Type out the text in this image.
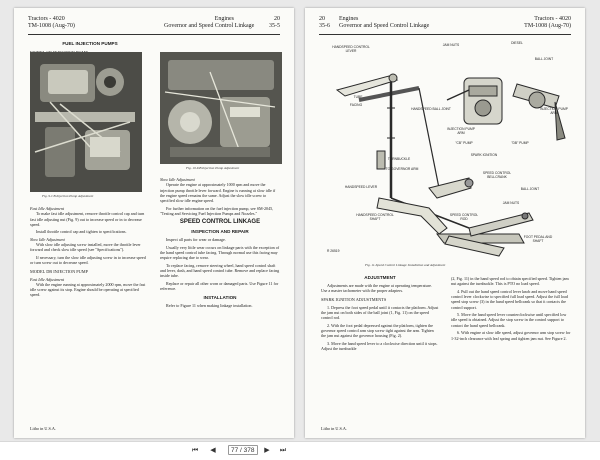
Tractors - 4020
TM-1008 (Aug-70)
Engines
Governor and Speed Control Linkage
20
35-5
FUEL INJECTION PUMPS
Fig. 9-CB Injection Pump Adjustment
Fig. 10-DB Injection Pump Adjustment
Fast Idle Adjustment

To make fast idle adjustment, remove throttle control cap and turn fast idle adjusting nut (Fig. 9) out to increase speed or in to decrease speed.

Install throttle control cap and tighten to specifications.

Slow Idle Adjustment

With slow idle adjusting screw installed, move the throttle lever forward and check slow idle speed (see "Specifications").

If necessary, turn the slow idle adjusting screw in to increase speed or turn screw out to decrease speed.

MODEL DB INJECTION PUMP
Fast Idle Adjustment

With the engine running at approximately 2000 rpm, move the fast idle screw against its stop. Engine should be operating at specified speed.

Slow Idle Adjustment

Operate the engine at approximately 1000 rpm and move the injection pump throttle lever forward. Engine is running at slow idle if the engine speed remains the same. Adjust the slow idle screw to specified slow idle engine speed.

For further information on the fuel injection pump, see SM-2045, "Testing and Servicing Fuel Injection Pumps and Nozzles."

SPEED CONTROL LINKAGE
INSPECTION AND REPAIR

Inspect all parts for wear or damage.

Usually very little wear occurs on linkage parts with the exception of the hand speed control tube facing. Through normal use this facing may require replacing due to wear.

To replace facing, remove steering wheel, hand speed control shaft and lever, dash, and hand speed control tube. Remove and replace facing inside tube.

Replace or repair all other worn or damaged parts. Use Figure 11 for reference.

INSTALLATION

Refer to Figure 11 when making linkage installation.

Litho in U.S.A.
20
35-6
Engines
Governor and Speed Control Linkage
Tractors - 4020
TM-1008 (Aug-70)
HANDSPEED CONTROL LEVER
TUBE
FACING
JAM NUTS
HANDSPEED BALL JOINT
INJECTION PUMP ARM
"CB" PUMP
DIESEL
BALL JOINT
INJECTION PUMP ARM
"DB" PUMP
TURNBUCKLE
TO GOVERNOR ARM
SPARK IGNITION
SPEED CONTROL BELLCRANK
BALL JOINT
HANDSPEED LEVER
SPEED CONTROL ROD
JAM NUTS
HANDSPEED CONTROL SHAFT
FOOT PEDAL AND SHAFT
R 26519
Fig. 11-Speed Control Linkage Installation and Adjustment
ADJUSTMENT

Adjustments are made with the engine at operating temperature. Use a master tachometer with the proper adapters.

SPARK IGNITION ADJUSTMENTS

1. Depress the foot speed pedal until it contacts the platform. Adjust the jam nut on both sides of the ball joint (1, Fig. 11) on the speed control rod.

2. With the foot pedal depressed against the platform, tighten the governor speed control arm stop screw tight against the arm. Tighten the jam nut against the governor housing (Fig. 2).

3. Move the hand speed lever to a clockwise direction until it stops. Adjust the turnbuckle

(2, Fig. 11) in the hand speed rod to obtain specified speed. Tighten jam nut against the turnbuckle. This is PTO no load speed.

4. Pull out the hand speed control lever knob and move hand speed control lever clockwise to specified full load speed. Adjust the full load speed stop screw (3) in the hand speed bellcrank so that it contacts the control support.

5. Move the hand speed lever counterclockwise until specified low idle speed is obtained. Adjust the stop screw in the control support to contact the hand speed bellcrank.

6. With engine at slow idle speed, adjust governor arm stop screw for 1-32-inch clearance with leaf spring and tighten jam nut. See Figure 2.

Litho in U.S.A.
⏮	◀	77 / 378	▶	⏭
